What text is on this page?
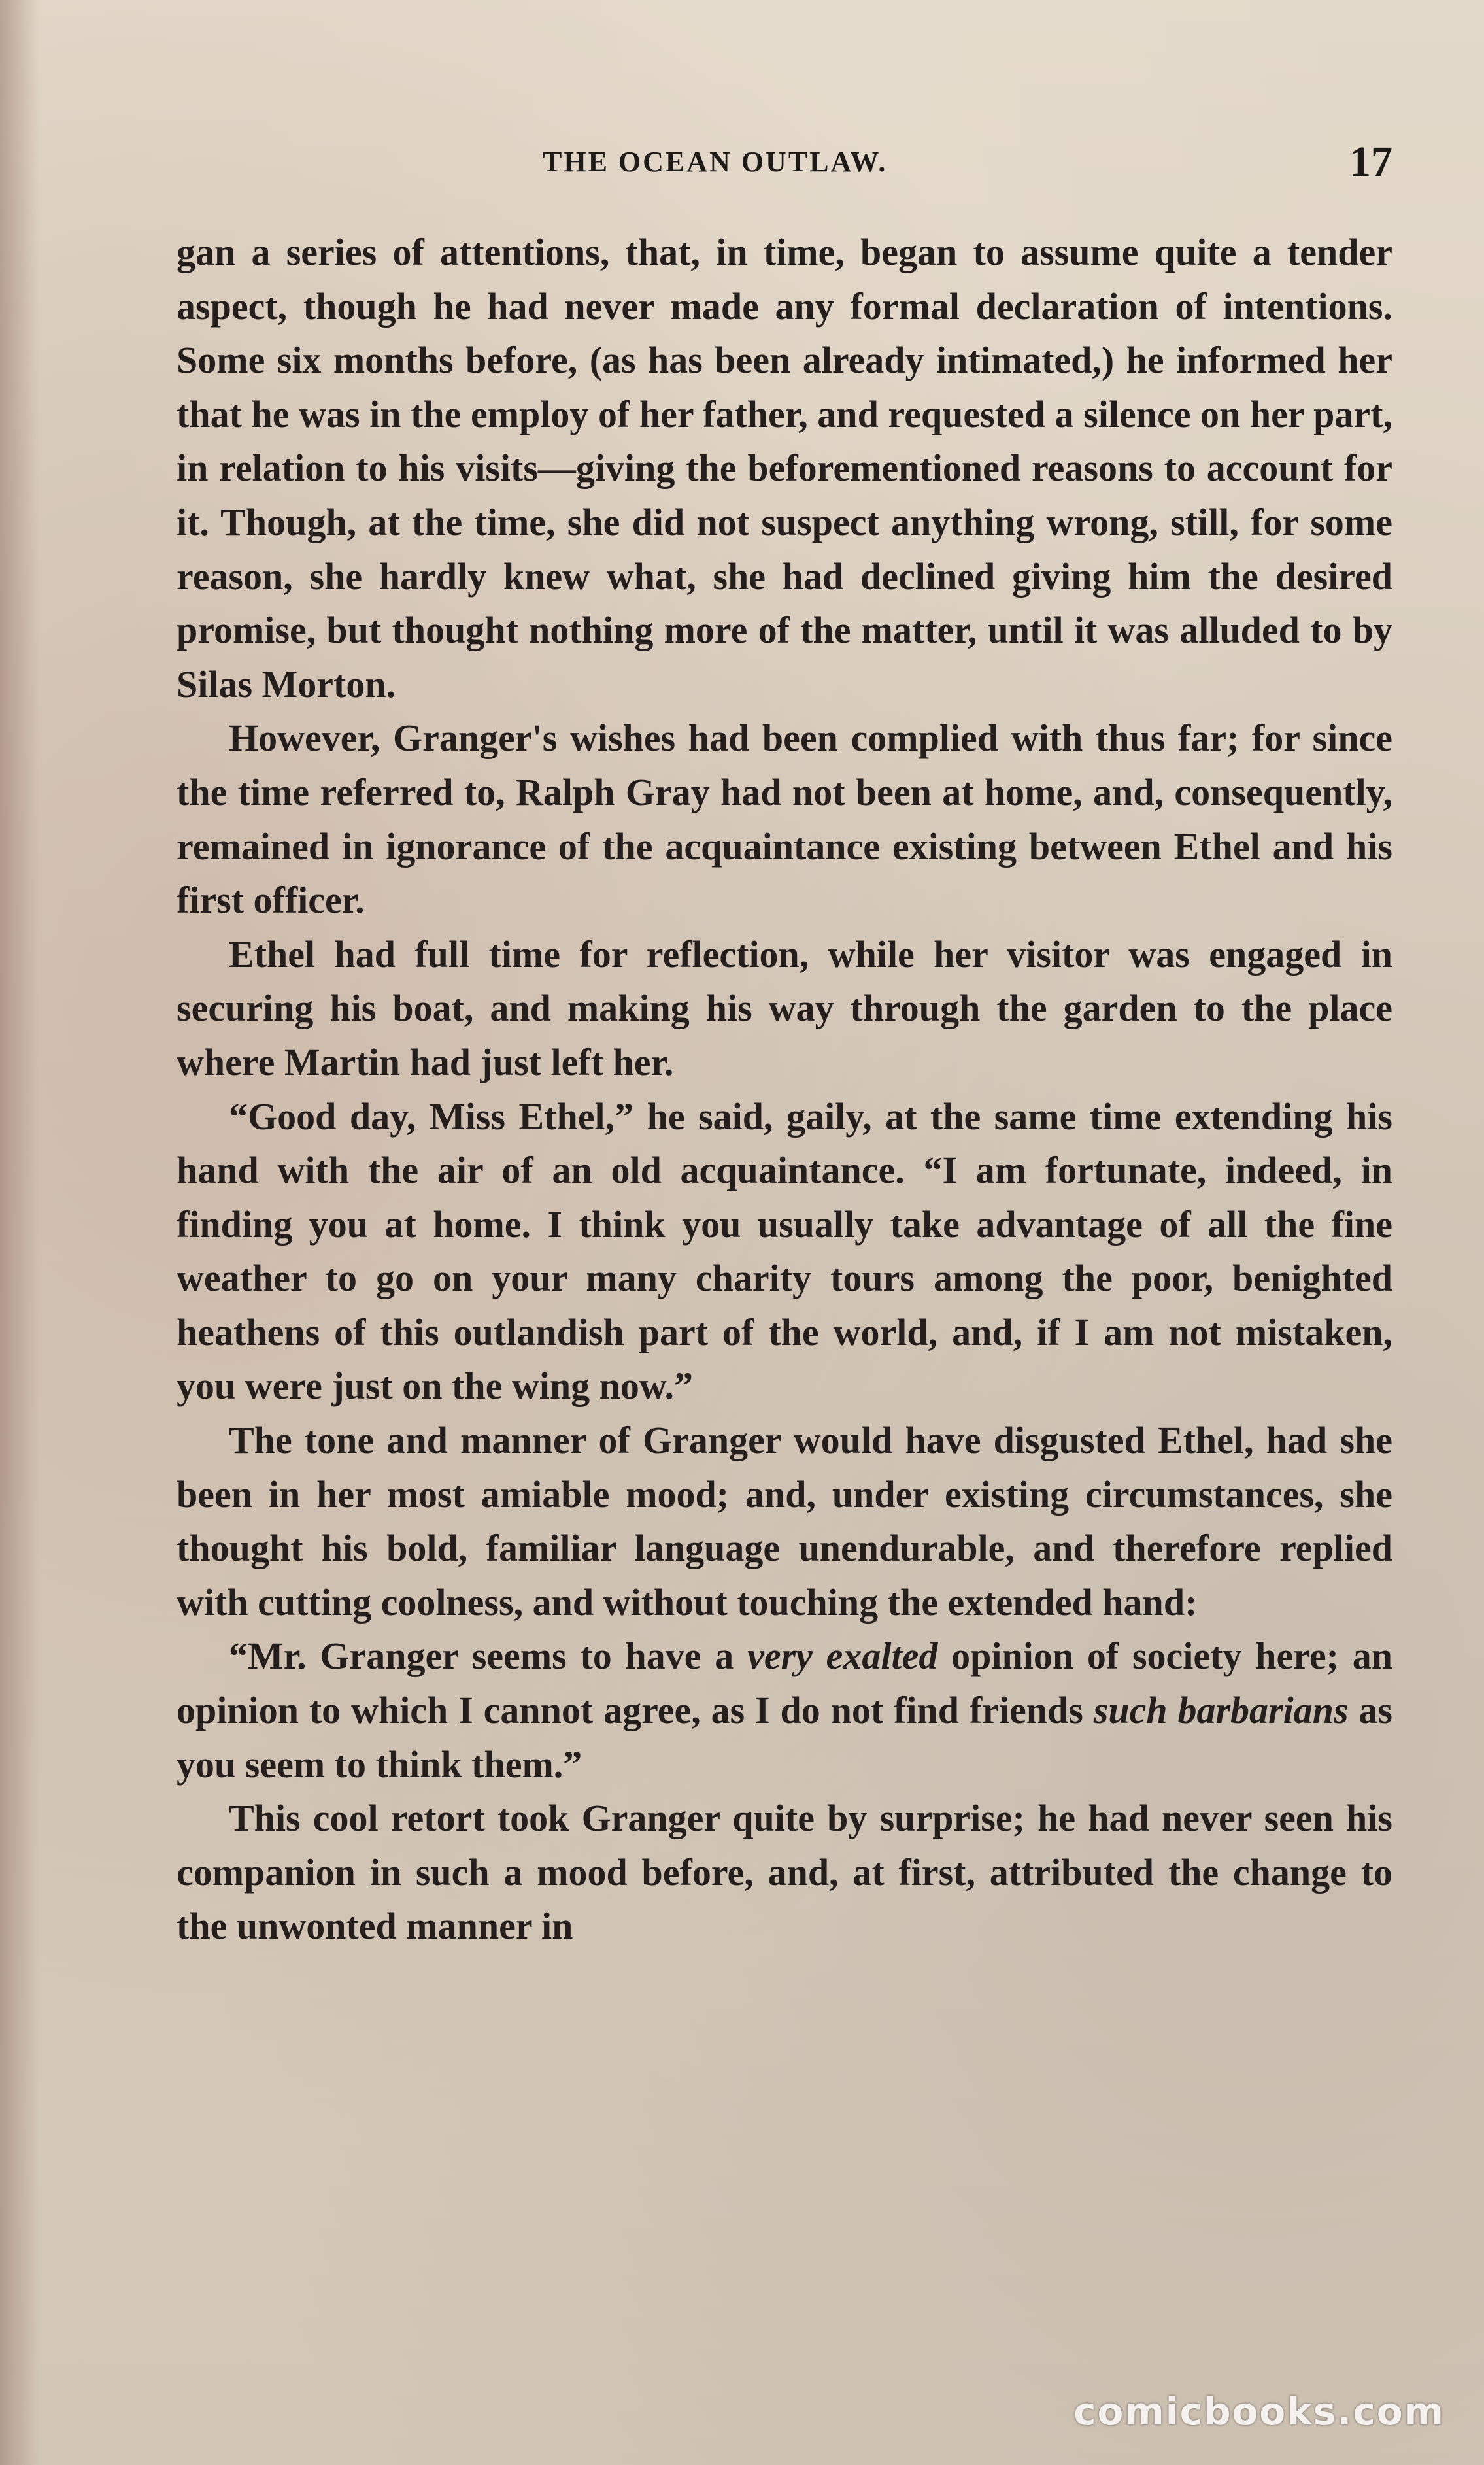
THE OCEAN OUTLAW.	17

gan a series of attentions, that, in time, began to assume quite a tender aspect, though he had never made any formal declaration of intentions. Some six months before, (as has been already intimated,) he informed her that he was in the employ of her father, and requested a silence on her part, in relation to his visits—giving the beforementioned reasons to account for it. Though, at the time, she did not suspect anything wrong, still, for some reason, she hardly knew what, she had declined giving him the desired promise, but thought nothing more of the matter, until it was alluded to by Silas Morton.

However, Granger's wishes had been complied with thus far; for since the time referred to, Ralph Gray had not been at home, and, consequently, remained in ignorance of the acquaintance existing between Ethel and his first officer.

Ethel had full time for reflection, while her visitor was engaged in securing his boat, and making his way through the garden to the place where Martin had just left her.

“Good day, Miss Ethel,” he said, gaily, at the same time extending his hand with the air of an old acquaintance. “I am fortunate, indeed, in finding you at home. I think you usually take advantage of all the fine weather to go on your many charity tours among the poor, benighted heathens of this outlandish part of the world, and, if I am not mistaken, you were just on the wing now.”

The tone and manner of Granger would have disgusted Ethel, had she been in her most amiable mood; and, under existing circumstances, she thought his bold, familiar language unendurable, and therefore replied with cutting coolness, and without touching the extended hand:

“Mr. Granger seems to have a very exalted opinion of society here; an opinion to which I cannot agree, as I do not find friends such barbarians as you seem to think them.”

This cool retort took Granger quite by surprise; he had never seen his companion in such a mood before, and, at first, attributed the change to the unwonted manner in

comicbooks.com
